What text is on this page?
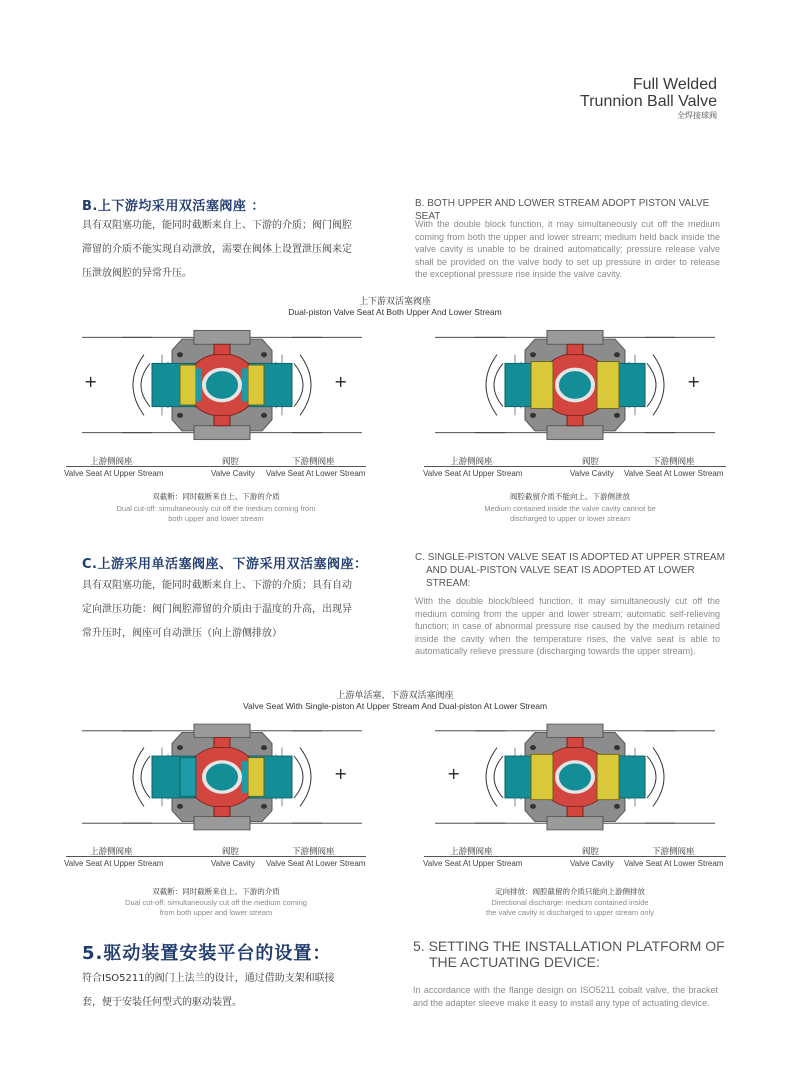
Full Welded
Trunnion Ball Valve
全焊接球阀
B.上下游均采用双活塞阀座 ：
具有双阻塞功能，能同时截断来自上、下游的介质；阀门阀腔滞留的介质不能实现自动泄放，需要在阀体上设置泄压阀来定压泄放阀腔的异常升压。
B. BOTH UPPER AND LOWER STREAM ADOPT PISTON VALVE SEAT
With the double block function, it may simultaneously cut off the medium coming from both the upper and lower stream; medium held back inside the valve cavity is unable to be drained automatically; pressure release valve shall be provided on the valve body to set up pressure in order to release the exceptional pressure rise inside the valve cavity.
上下游双活塞阀座
Dual-piston Valve Seat At Both Upper And Lower Stream
+	+	+
上游侧阀座	阀腔	下游侧阀座
Valve Seat At Upper Stream	Valve Cavity Valve Seat At Lower Stream
双截断：同时截断来自上、下游的介质
Dual cut-off: simultaneously cut off the medium coming from
both upper and lower stream
上游侧阀座	阀腔	下游侧阀座
Valve Seat At Upper Stream	Valve Cavity Valve Seat At Lower Stream
阀腔截留介质不能向上、下游侧泄放
Medium contained inside the valve cavity cannot be
discharged to upper or lower stream
C.上游采用单活塞阀座、下游采用双活塞阀座：
具有双阻塞功能，能同时截断来自上、下游的介质；具有自动定向泄压功能：阀门阀腔滞留的介质由于温度的升高，出现异常升压时，阀座可自动泄压（向上游侧排放）
C. SINGLE-PISTON VALVE SEAT IS ADOPTED AT UPPER STREAM
AND DUAL-PISTON VALVE SEAT IS ADOPTED AT LOWER
STREAM:
With the double block/bleed function, it may simultaneously cut off the medium coming from the upper and lower stream; automatic self-relieving function; in case of abnormal pressure rise caused by the medium retained inside the cavity when the temperature rises, the valve seat is able to automatically relieve pressure (discharging towards the upper stream).
上游单活塞、下游双活塞阀座
Valve Seat With Single-piston At Upper Stream And Dual-piston At Lower Stream
+	+
上游侧阀座	阀腔	下游侧阀座
Valve Seat At Upper Stream	Valve Cavity Valve Seat At Lower Stream
双截断：同时截断来自上、下游的介质
Dual cut-off: simultaneously cut off the medium coming
from both upper and lower stream
上游侧阀座	阀腔	下游侧阀座
Valve Seat At Upper Stream	Valve Cavity Valve Seat At Lower Stream
定向排放：阀腔截留的介质只能向上游侧排放
Directional discharge: medium contained inside
the valve cavity is discharged to upper stream only
5.驱动装置安装平台的设置：
符合ISO5211的阀门上法兰的设计，通过借助支架和联接套，便于安装任何型式的驱动装置。
5. SETTING THE INSTALLATION PLATFORM OF
THE ACTUATING DEVICE:
In accordance with the flange design on ISO5211 cobalt valve, the bracket and the adapter sleeve make it easy to install any type of actuating device.
